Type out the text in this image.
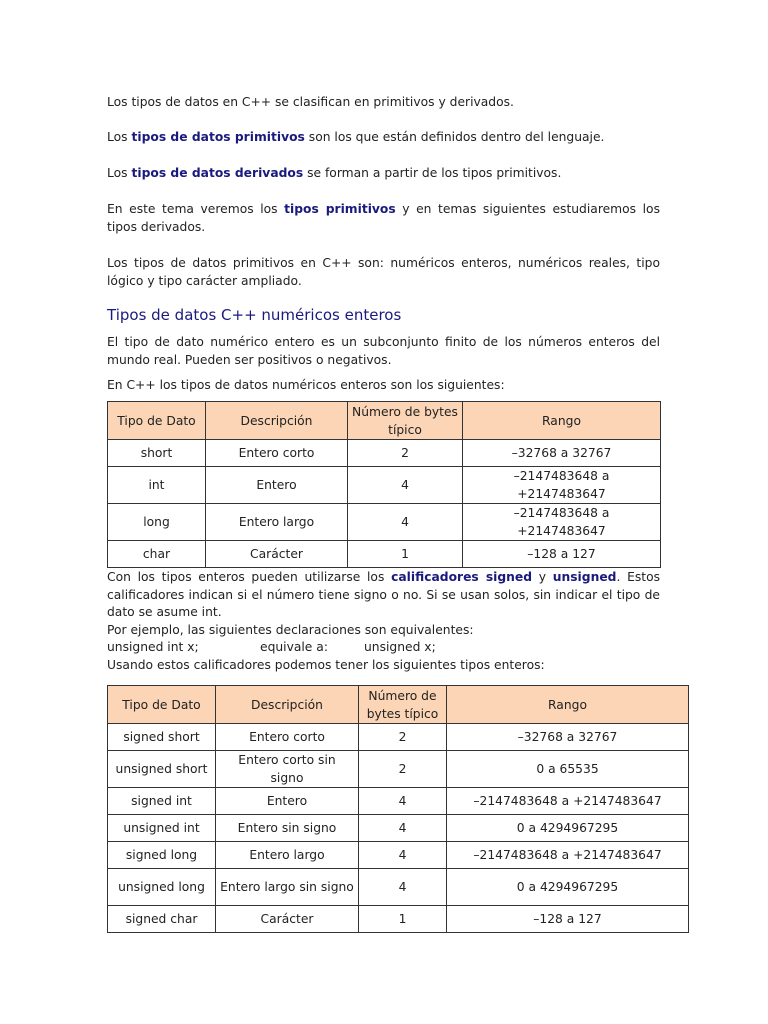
Los tipos de datos en C++ se clasifican en primitivos y derivados.

Los tipos de datos primitivos son los que están definidos dentro del lenguaje.

Los tipos de datos derivados se forman a partir de los tipos primitivos.

En este tema veremos los tipos primitivos y en temas siguientes estudiaremos los tipos derivados.

Los tipos de datos primitivos en C++ son: numéricos enteros, numéricos reales, tipo lógico y tipo carácter ampliado.

Tipos de datos C++ numéricos enteros

El tipo de dato numérico entero es un subconjunto finito de los números enteros del mundo real. Pueden ser positivos o negativos.

En C++ los tipos de datos numéricos enteros son los siguientes:

Tipo de Dato	Descripción	Número de bytes típico	Rango
short	Entero corto	2	–32768 a 32767
int	Entero	4	–2147483648 a +2147483647
long	Entero largo	4	–2147483648 a +2147483647
char	Carácter	1	–128 a 127

Con los tipos enteros pueden utilizarse los calificadores signed y unsigned. Estos calificadores indican si el número tiene signo o no. Si se usan solos, sin indicar el tipo de dato se asume int.

Por ejemplo, las siguientes declaraciones son equivalentes:

unsigned int x;	equivale a:	unsigned x;

Usando estos calificadores podemos tener los siguientes tipos enteros:

Tipo de Dato	Descripción	Número de bytes típico	Rango
signed short	Entero corto	2	–32768 a 32767
unsigned short	Entero corto sin signo	2	0 a 65535
signed int	Entero	4	–2147483648 a +2147483647
unsigned int	Entero sin signo	4	0 a 4294967295
signed long	Entero largo	4	–2147483648 a +2147483647
unsigned long	Entero largo sin signo	4	0 a 4294967295
signed char	Carácter	1	–128 a 127
